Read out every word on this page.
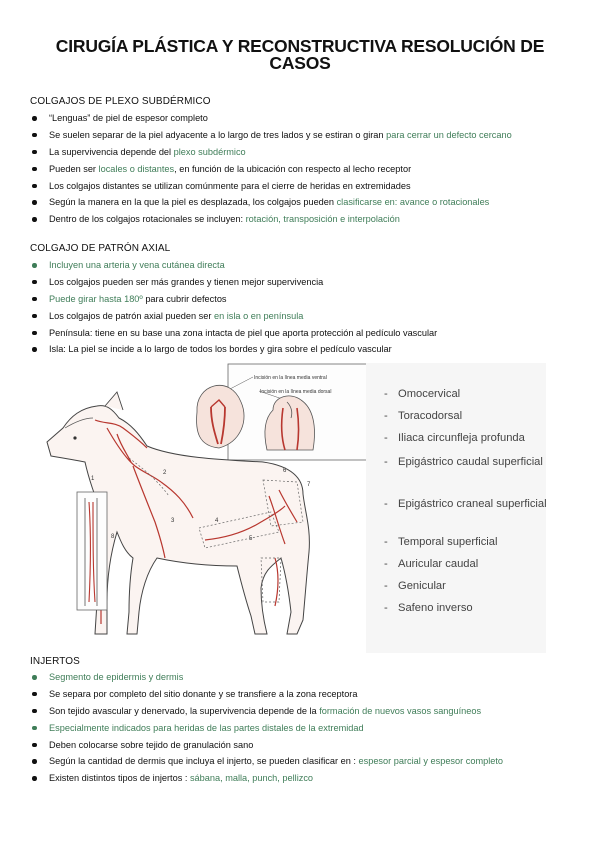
CIRUGÍA PLÁSTICA Y RECONSTRUCTIVA RESOLUCIÓN DE
CASOS
COLGAJOS DE PLEXO SUBDÉRMICO
“Lenguas” de piel de espesor completo
Se suelen separar de la piel adyacente a lo largo de tres lados y se estiran o giran para cerrar un defecto cercano
La supervivencia depende del plexo subdérmico
Pueden ser locales o distantes, en función de la ubicación con respecto al lecho receptor
Los colgajos distantes se utilizan comúnmente para el cierre de heridas en extremidades
Según la manera en la que la piel es desplazada, los colgajos pueden clasificarse en: avance o rotacionales
Dentro de los colgajos rotacionales se incluyen: rotación, transposición e interpolación
COLGAJO DE PATRÓN AXIAL
Incluyen una arteria y vena cutánea directa
Los colgajos pueden ser más grandes y tienen mejor supervivencia
Puede girar hasta 180º para cubrir defectos
Los colgajos de patrón axial pueden ser en isla o en península
Península: tiene en su base una zona intacta de piel que aporta protección al pedículo vascular
Isla: La piel se incide a lo largo de todos los bordes y gira sobre el pedículo vascular
Incisión en la línea media ventral
Incisión en la línea media dorsal
1
2
3	4
5
6
7
8
- Omocervical
- Toracodorsal
- Iliaca circunfleja profunda
- Epigástrico caudal superficial
- Epigástrico craneal superficial
- Temporal superficial
- Auricular caudal
- Genicular
- Safeno inverso
INJERTOS
Segmento de epidermis y dermis
Se separa por completo del sitio donante y se transfiere a la zona receptora
Son tejido avascular y denervado, la supervivencia depende de la formación de nuevos vasos sanguíneos
Especialmente indicados para heridas de las partes distales de la extremidad
Deben colocarse sobre tejido de granulación sano
Según la cantidad de dermis que incluya el injerto, se pueden clasificar en : espesor parcial y espesor completo
Existen distintos tipos de injertos : sábana, malla, punch, pellizco
